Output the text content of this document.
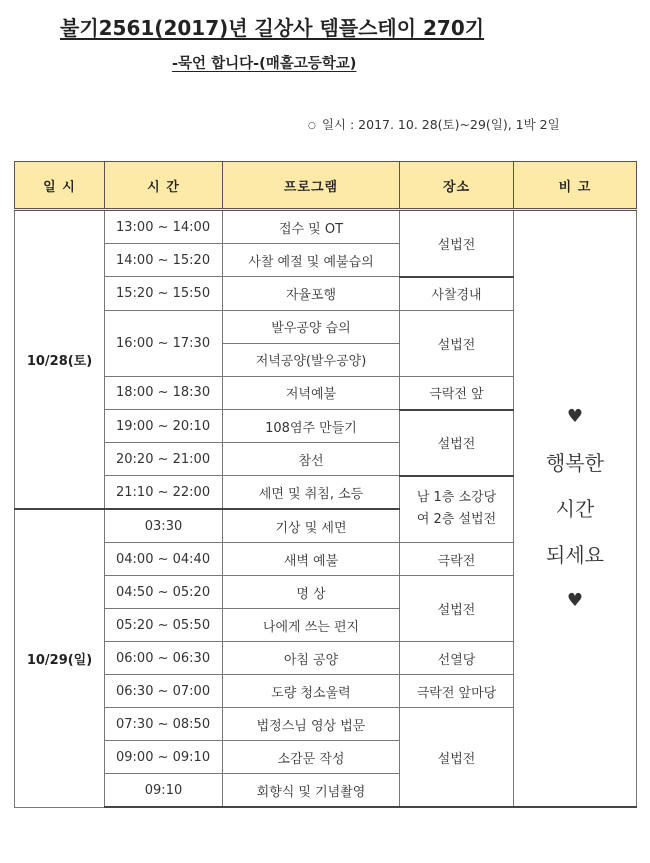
불기2561(2017)년 길상사 템플스테이 270기
-묵언 합니다-(매홀고등학교)
○ 일시 : 2017. 10. 28(토)~29(일), 1박 2일
일 시	시 간	프로그램	장소	비 고
10/28(토)	13:00 ~ 14:00	접수 및 OT	설법전	♥
행복한
시간
되세요
♥

	14:00 ~ 15:20	사찰 예절 및 예불습의		
	15:20 ~ 15:50	자율포행	사찰경내	
	16:00 ~ 17:30	발우공양 습의	설법전	
		저녁공양(발우공양)		
	18:00 ~ 18:30	저녁예불	극락전 앞	
	19:00 ~ 20:10	108염주 만들기	설법전	
	20:20 ~ 21:00	참선		
	21:10 ~ 22:00	세면 및 취침, 소등	남 1층 소강당
여 2층 설법전	
10/29(일)	03:30	기상 및 세면		
	04:00 ~ 04:40	새벽 예불	극락전	
	04:50 ~ 05:20	명 상	설법전	
	05:20 ~ 05:50	나에게 쓰는 편지		
	06:00 ~ 06:30	아침 공양	선열당	
	06:30 ~ 07:00	도량 청소울력	극락전 앞마당	
	07:30 ~ 08:50	법정스님 영상 법문	설법전	
	09:00 ~ 09:10	소감문 작성		
	09:10	회향식 및 기념촬영		
